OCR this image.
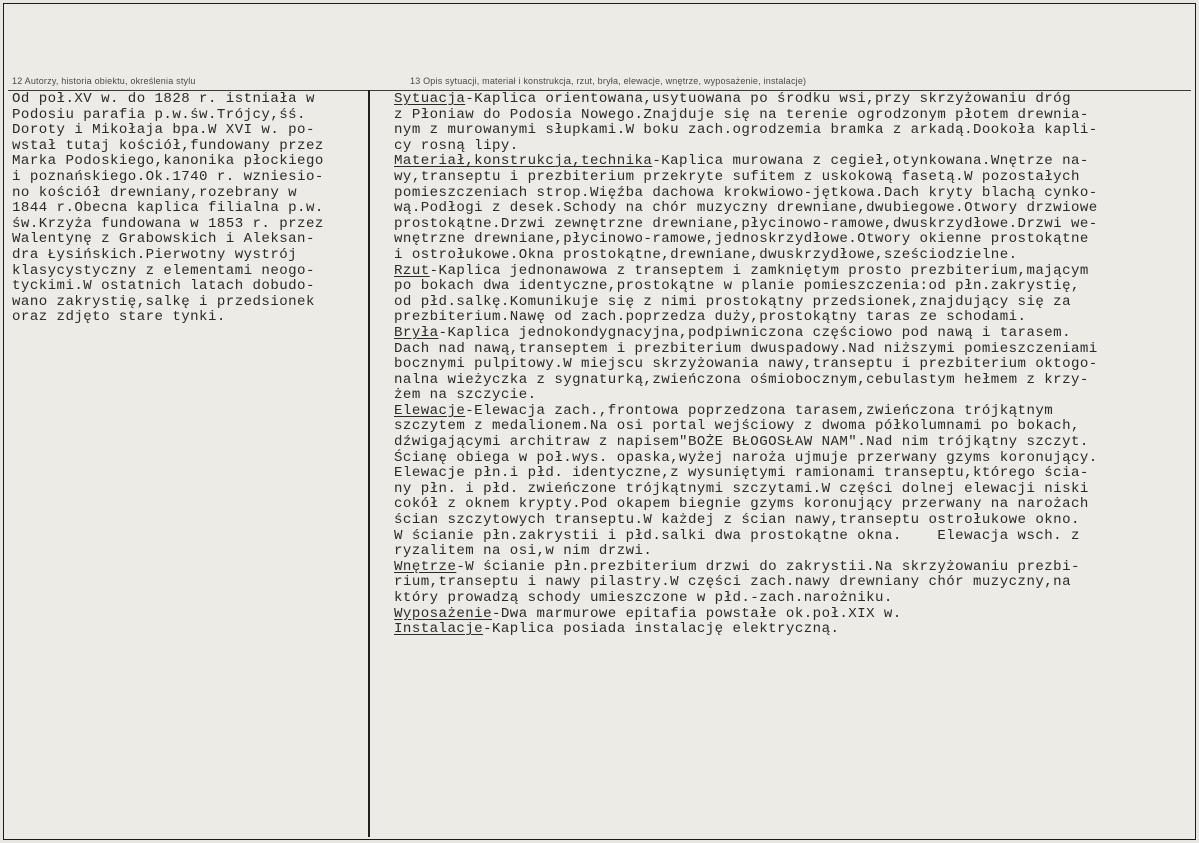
12 Autorzy, historia obiektu, określenia stylu	13 Opis sytuacji, materiał i konstrukcja, rzut, bryła, elewacje, wnętrze, wyposażenie, instalacje)
Od poł.XV w. do 1828 r. istniała w
Podosiu parafia p.w.św.Trójcy,śś.
Doroty i Mikołaja bpa.W XVI w. po-
wstał tutaj kościół,fundowany przez
Marka Podoskiego,kanonika płockiego
i poznańskiego.Ok.1740 r. wzniesio-
no kościół drewniany,rozebrany w
1844 r.Obecna kaplica filialna p.w.
św.Krzyża fundowana w 1853 r. przez
Walentynę z Grabowskich i Aleksan-
dra Łysińskich.Pierwotny wystrój
klasycystyczny z elementami neogo-
tyckimi.W ostatnich latach dobudo-
wano zakrystię,salkę i przedsionek
oraz zdjęto stare tynki.
Sytuacja-Kaplica orientowana,usytuowana po środku wsi,przy skrzyżowaniu dróg
z Płoniaw do Podosia Nowego.Znajduje się na terenie ogrodzonym płotem drewnia-
nym z murowanymi słupkami.W boku zach.ogrodzemia bramka z arkadą.Dookoła kapli-
cy rosną lipy.
Materiał,konstrukcja,technika-Kaplica murowana z cegieł,otynkowana.Wnętrze na-
wy,transeptu i prezbiterium przekryte sufitem z uskokową fasetą.W pozostałych
pomieszczeniach strop.Więźba dachowa krokwiowo-jętkowa.Dach kryty blachą cynko-
wą.Podłogi z desek.Schody na chór muzyczny drewniane,dwubiegowe.Otwory drzwiowe
prostokątne.Drzwi zewnętrzne drewniane,płycinowo-ramowe,dwuskrzydłowe.Drzwi we-
wnętrzne drewniane,płycinowo-ramowe,jednoskrzydłowe.Otwory okienne prostokątne
i ostrołukowe.Okna prostokątne,drewniane,dwuskrzydłowe,sześciodzielne.
Rzut-Kaplica jednonawowa z transeptem i zamkniętym prosto prezbiterium,mającym
po bokach dwa identyczne,prostokątne w planie pomieszczenia:od płn.zakrystię,
od płd.salkę.Komunikuje się z nimi prostokątny przedsionek,znajdujący się za
prezbiterium.Nawę od zach.poprzedza duży,prostokątny taras ze schodami.
Bryła-Kaplica jednokondygnacyjna,podpiwniczona częściowo pod nawą i tarasem.
Dach nad nawą,transeptem i prezbiterium dwuspadowy.Nad niższymi pomieszczeniami
bocznymi pulpitowy.W miejscu skrzyżowania nawy,transeptu i prezbiterium oktogo-
nalna wieżyczka z sygnaturką,zwieńczona ośmiobocznym,cebulastym hełmem z krzy-
żem na szczycie.
Elewacje-Elewacja zach.,frontowa poprzedzona tarasem,zwieńczona trójkątnym
szczytem z medalionem.Na osi portal wejściowy z dwoma półkolumnami po bokach,
dźwigającymi architraw z napisem"BOŻE BŁOGOSŁAW NAM".Nad nim trójkątny szczyt.
Ścianę obiega w poł.wys. opaska,wyżej naroża ujmuje przerwany gzyms koronujący.
Elewacje płn.i płd. identyczne,z wysuniętymi ramionami transeptu,którego ścia-
ny płn. i płd. zwieńczone trójkątnymi szczytami.W części dolnej elewacji niski
cokół z oknem krypty.Pod okapem biegnie gzyms koronujący przerwany na narożach
ścian szczytowych transeptu.W każdej z ścian nawy,transeptu ostrołukowe okno.
W ścianie płn.zakrystii i płd.salki dwa prostokątne okna.    Elewacja wsch. z
ryzalitem na osi,w nim drzwi.
Wnętrze-W ścianie płn.prezbiterium drzwi do zakrystii.Na skrzyżowaniu prezbi-
rium,transeptu i nawy pilastry.W części zach.nawy drewniany chór muzyczny,na
który prowadzą schody umieszczone w płd.-zach.narożniku.
Wyposażenie-Dwa marmurowe epitafia powstałe ok.poł.XIX w.
Instalacje-Kaplica posiada instalację elektryczną.
